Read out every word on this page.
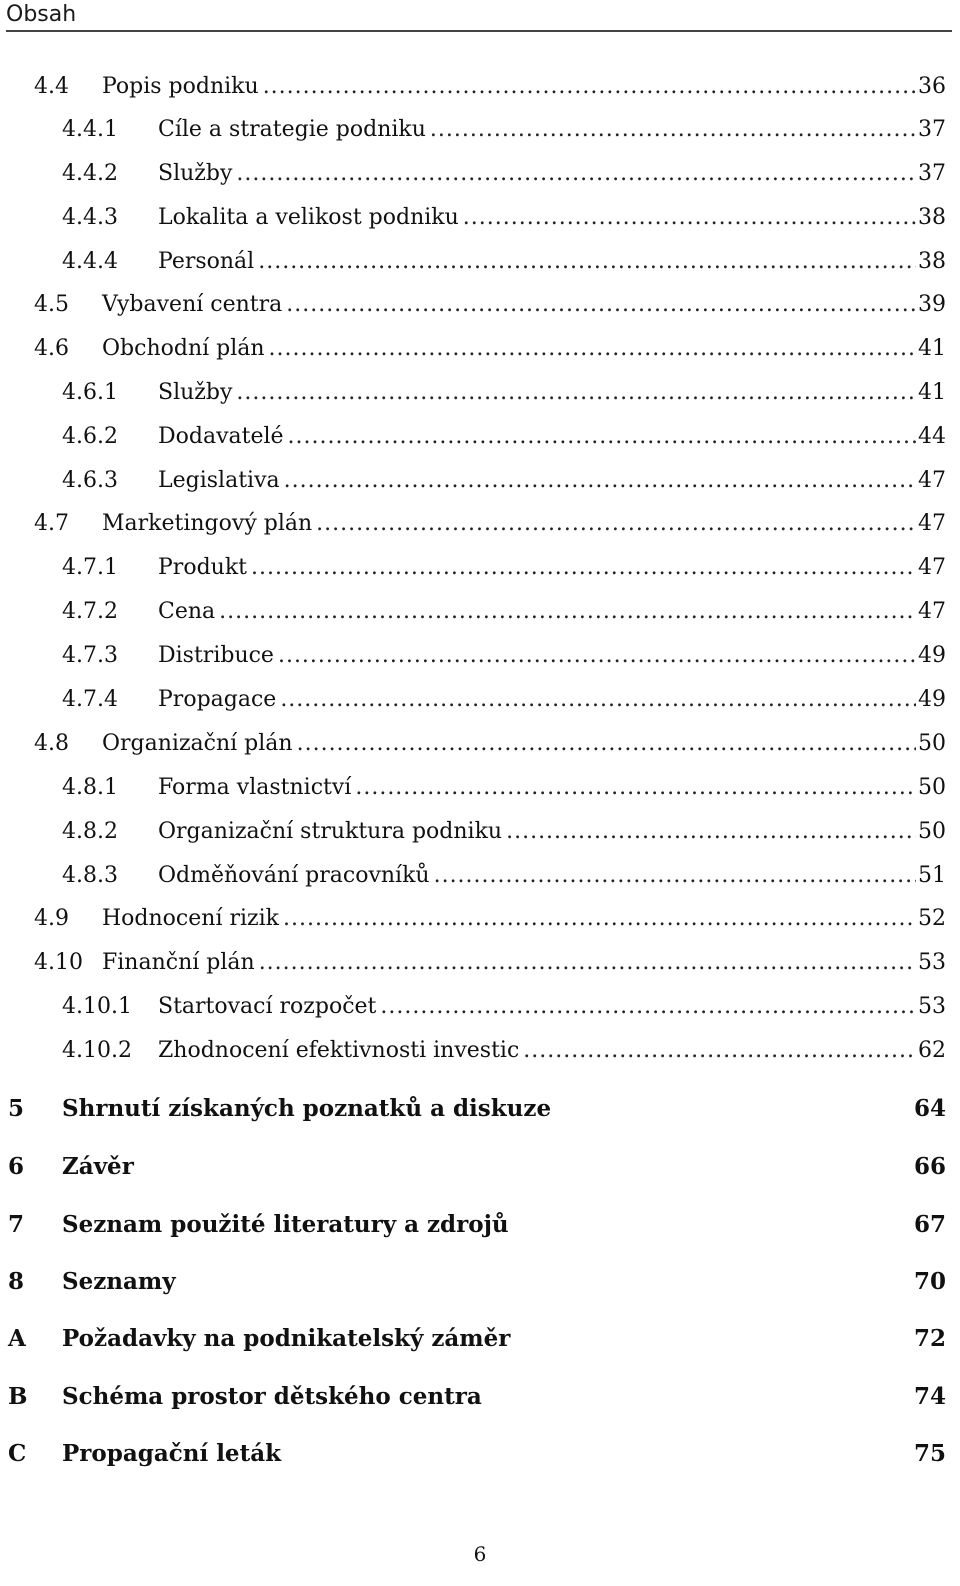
Obsah
4.4	Popis podniku .....	36
4.4.1	Cíle a strategie podniku .....	37
4.4.2	Služby .....	37
4.4.3	Lokalita a velikost podniku .....	38
4.4.4	Personál .....	38
4.5	Vybavení centra .....	39
4.6	Obchodní plán .....	41
4.6.1	Služby .....	41
4.6.2	Dodavatelé .....	44
4.6.3	Legislativa .....	47
4.7	Marketingový plán .....	47
4.7.1	Produkt .....	47
4.7.2	Cena .....	47
4.7.3	Distribuce .....	49
4.7.4	Propagace .....	49
4.8	Organizační plán .....	50
4.8.1	Forma vlastnictví .....	50
4.8.2	Organizační struktura podniku .....	50
4.8.3	Odměňování pracovníků .....	51
4.9	Hodnocení rizik .....	52
4.10 Finanční plán .....	53
4.10.1	Startovací rozpočet .....	53
4.10.2	Zhodnocení efektivnosti investic .....	62
5	Shrnutí získaných poznatků a diskuze	64
6	Závěr	66
7	Seznam použité literatury a zdrojů	67
8	Seznamy	70
A	Požadavky na podnikatelský záměr	72
B	Schéma prostor dětského centra	74
C	Propagační leták	75
6
